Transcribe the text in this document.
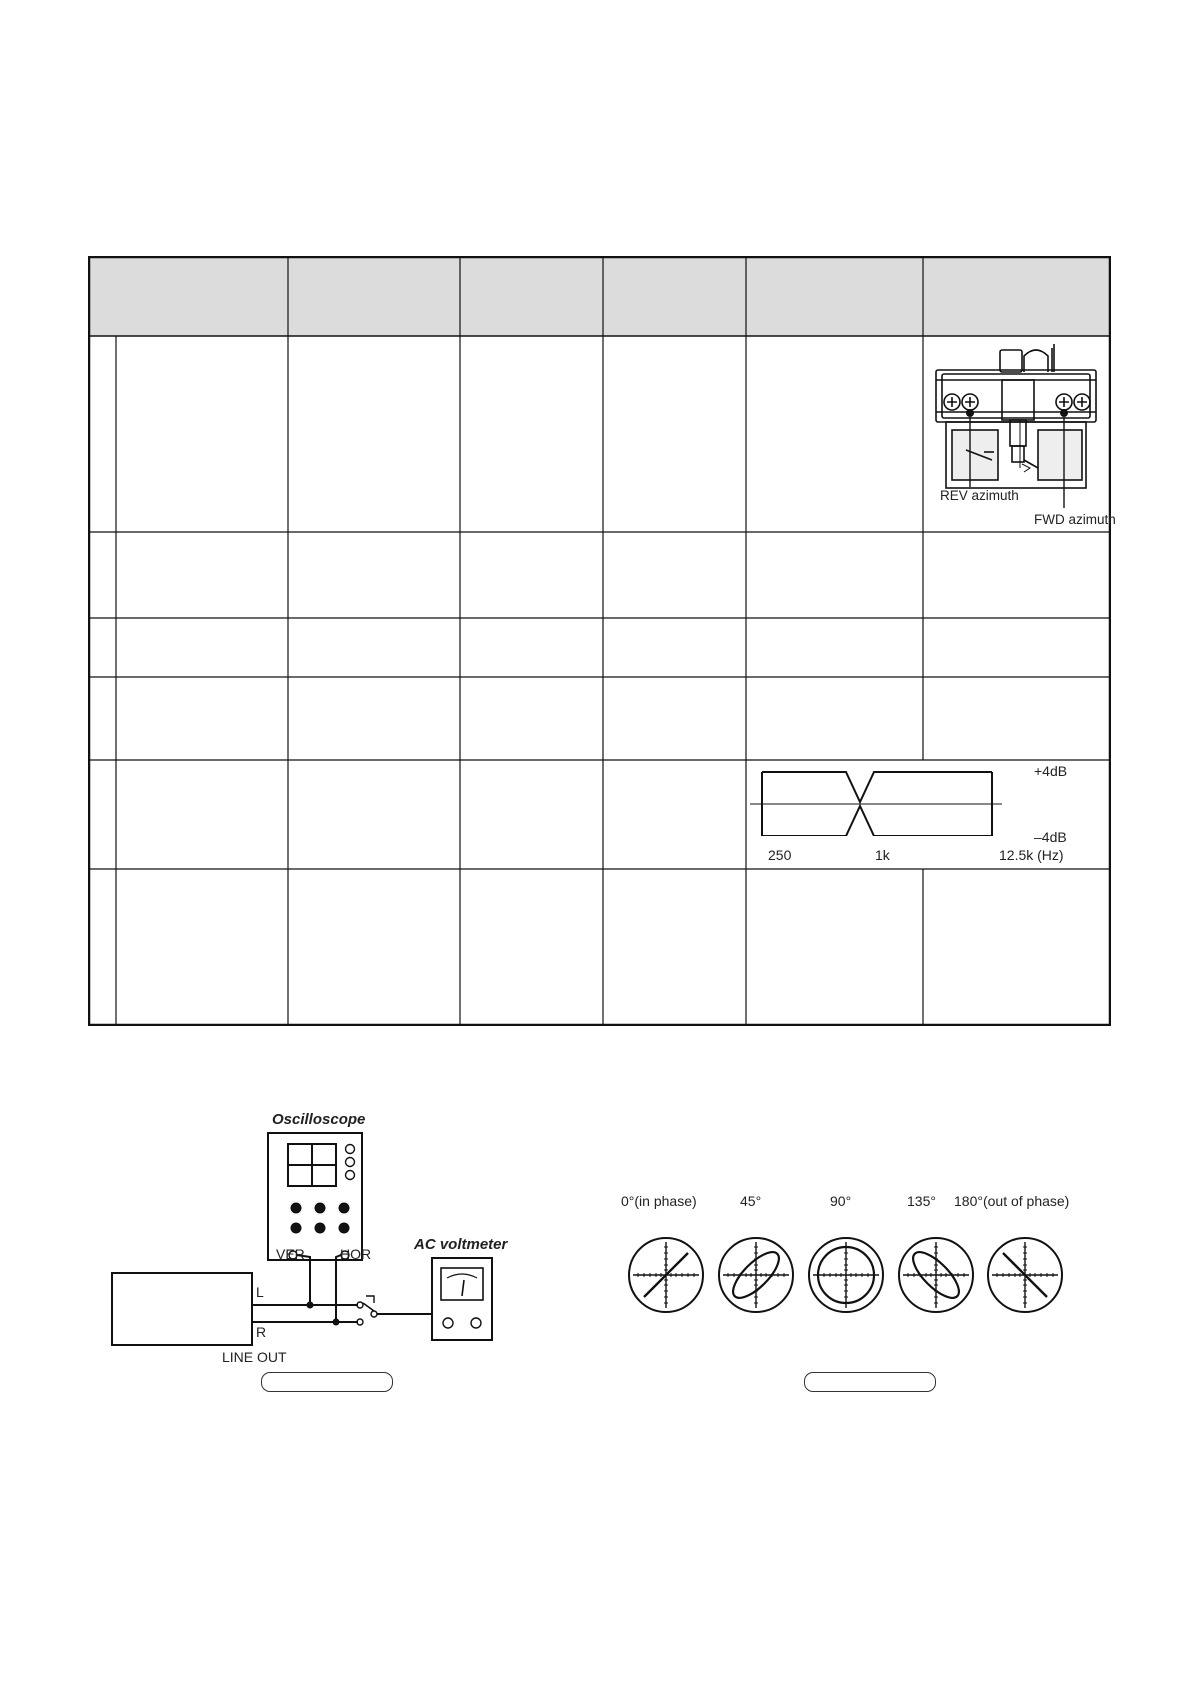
REV azimuth
FWD azimuth
+4dB
–4dB
250	1k	12.5k (Hz)
Oscilloscope
VER	HOR
AC voltmeter
L
R
LINE OUT
0°(in phase)	45°	90°	135° 180°(out of phase)
